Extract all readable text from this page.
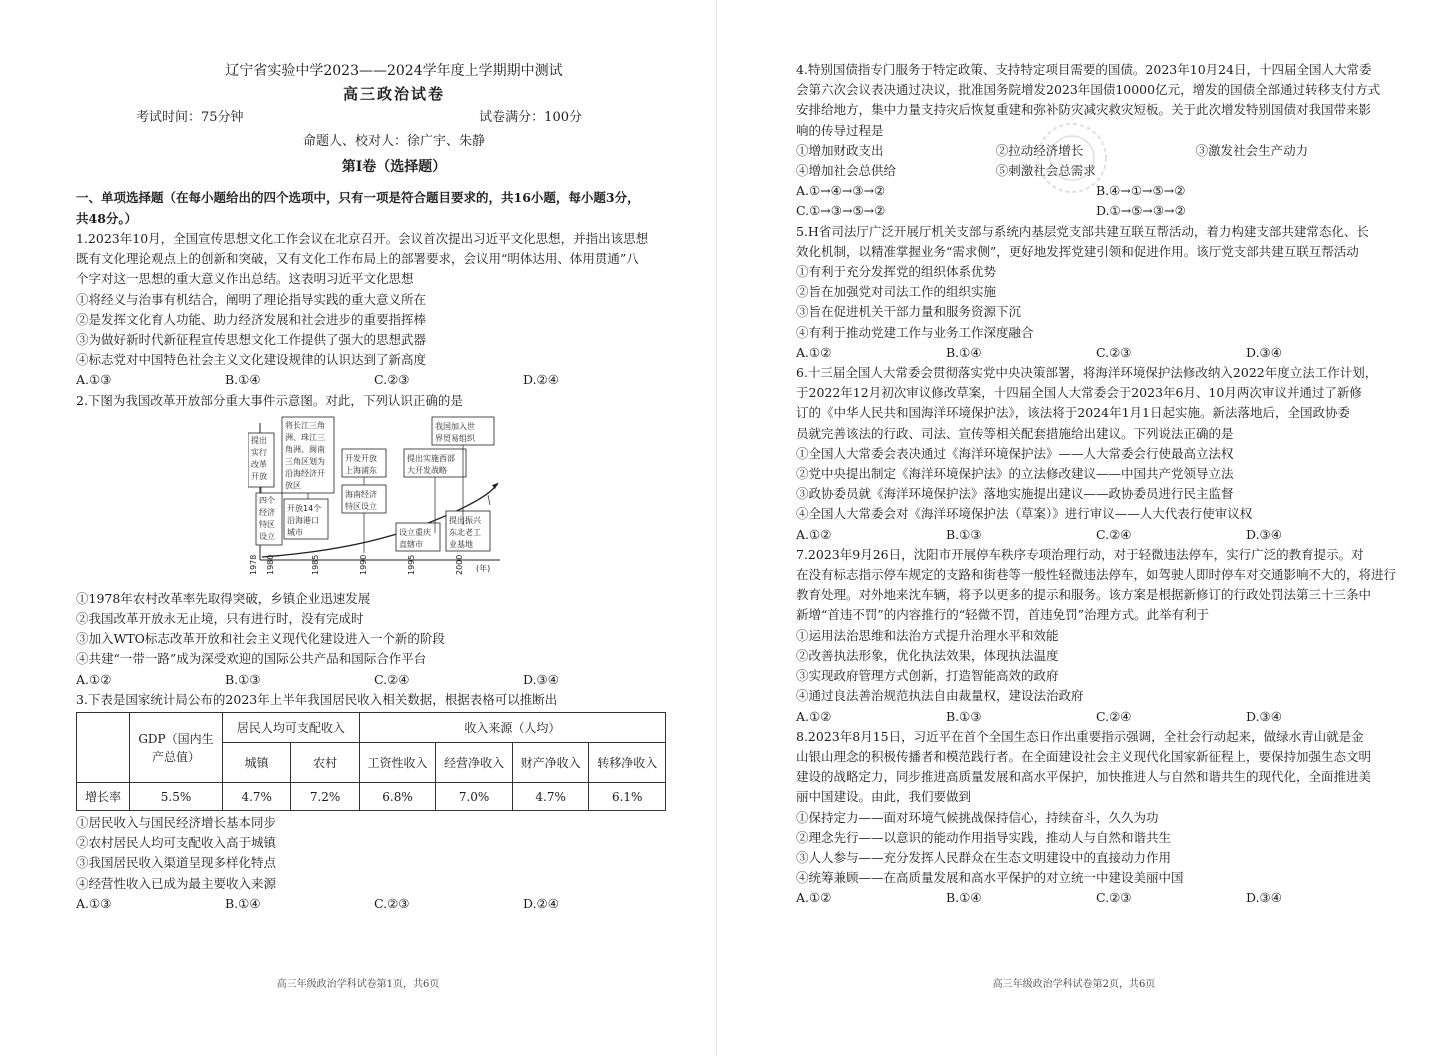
辽宁省实验中学2023——2024学年度上学期期中测试
高三政治试卷
考试时间：75分钟	试卷满分：100分
命题人、校对人：徐广宇、朱静
第Ⅰ卷（选择题）
一、单项选择题（在每小题给出的四个选项中，只有一项是符合题目要求的，共16小题，每小题3分，
共48分。）
1.2023年10月，全国宣传思想文化工作会议在北京召开。会议首次提出习近平文化思想，并指出该思想
既有文化理论观点上的创新和突破，又有文化工作布局上的部署要求，会议用“明体达用、体用贯通”八
个字对这一思想的重大意义作出总结。这表明习近平文化思想
①将经义与治事有机结合，阐明了理论指导实践的重大意义所在
②是发挥文化育人功能、助力经济发展和社会进步的重要指挥棒
③为做好新时代新征程宣传思想文化工作提供了强大的思想武器
④标志党对中国特色社会主义文化建设规律的认识达到了新高度
A.①③	B.①④	C.②③	D.②④
2.下图为我国改革开放部分重大事件示意图。对此，下列认识正确的是
1978 1980	1985	1990	1995	2000 (年)
提出
实行
改革
开放
四个
经济
特区
设立
将长江三角
洲、珠江三
角洲、闽南
三角区划为
沿海经济开
放区
开放14个
沿海港口
城市
开发开放
上海浦东
海南经济
特区设立
提出实施西部
大开发战略
设立重庆
直辖市
我国加入世
界贸易组织
提出振兴
东北老工
业基地
①1978年农村改革率先取得突破，乡镇企业迅速发展
②我国改革开放永无止境，只有进行时，没有完成时
③加入WTO标志改革开放和社会主义现代化建设进入一个新的阶段
④共建“一带一路”成为深受欢迎的国际公共产品和国际合作平台
A.①②	B.①③	C.②④	D.③④
3.下表是国家统计局公布的2023年上半年我国居民收入相关数据，根据表格可以推断出

	GDP（国内生
产总值）	居民人均可支配收入		收入来源（人均）			
		城镇	农村	工资性收入	经营净收入	财产净收入	转移净收入
增长率	5.5%	4.7%	7.2%	6.8%	7.0%	4.7%	6.1%
①居民收入与国民经济增长基本同步
②农村居民人均可支配收入高于城镇
③我国居民收入渠道呈现多样化特点
④经营性收入已成为最主要收入来源
A.①③	B.①④	C.②③	D.②④
高三年级政治学科试卷第1页，共6页
4.特别国债指专门服务于特定政策、支持特定项目需要的国债。2023年10月24日，十四届全国人大常委
会第六次会议表决通过决议，批准国务院增发2023年国债10000亿元，增发的国债全部通过转移支付方式
安排给地方，集中力量支持灾后恢复重建和弥补防灾减灾救灾短板。关于此次增发特别国债对我国带来影
响的传导过程是
①增加财政支出	②拉动经济增长	③激发社会生产动力
④增加社会总供给	⑤刺激社会总需求
A.①→④→③→②	B.④→①→⑤→②
C.①→③→⑤→②	D.①→⑤→③→②
5.H省司法厅广泛开展厅机关支部与系统内基层党支部共建互联互帮活动，着力构建支部共建常态化、长
效化机制，以精准掌握业务“需求侧”，更好地发挥党建引领和促进作用。该厅党支部共建互联互帮活动
①有利于充分发挥党的组织体系优势
②旨在加强党对司法工作的组织实施
③旨在促进机关干部力量和服务资源下沉
④有利于推动党建工作与业务工作深度融合
A.①②	B.①④	C.②③	D.③④
6.十三届全国人大常委会贯彻落实党中央决策部署，将海洋环境保护法修改纳入2022年度立法工作计划，
于2022年12月初次审议修改草案，十四届全国人大常委会于2023年6月、10月两次审议并通过了新修
订的《中华人民共和国海洋环境保护法》，该法将于2024年1月1日起实施。新法落地后，全国政协委
员就完善该法的行政、司法、宣传等相关配套措施给出建议。下列说法正确的是
①全国人大常委会表决通过《海洋环境保护法》——人大常委会行使最高立法权
②党中央提出制定《海洋环境保护法》的立法修改建议——中国共产党领导立法
③政协委员就《海洋环境保护法》落地实施提出建议——政协委员进行民主监督
④全国人大常委会对《海洋环境保护法（草案）》进行审议——人大代表行使审议权
A.①②	B.①③	C.②④	D.③④
7.2023年9月26日，沈阳市开展停车秩序专项治理行动，对于轻微违法停车，实行广泛的教育提示。对
在没有标志指示停车规定的支路和街巷等一般性轻微违法停车，如驾驶人即时停车对交通影响不大的，将进行
教育处理。对外地来沈车辆，将予以更多的提示和服务。该方案是根据新修订的行政处罚法第三十三条中
新增“首违不罚”的内容推行的“轻微不罚，首违免罚”治理方式。此举有利于
①运用法治思维和法治方式提升治理水平和效能
②改善执法形象，优化执法效果，体现执法温度
③实现政府管理方式创新，打造智能高效的政府
④通过良法善治规范执法自由裁量权，建设法治政府
A.①②	B.①③	C.②④	D.③④
8.2023年8月15日，习近平在首个全国生态日作出重要指示强调，全社会行动起来，做绿水青山就是金
山银山理念的积极传播者和模范践行者。在全面建设社会主义现代化国家新征程上，要保持加强生态文明
建设的战略定力，同步推进高质量发展和高水平保护，加快推进人与自然和谐共生的现代化，全面推进美
丽中国建设。由此，我们要做到
①保持定力——面对环境气候挑战保持信心，持续奋斗，久久为功
②理念先行——以意识的能动作用指导实践，推动人与自然和谐共生
③人人参与——充分发挥人民群众在生态文明建设中的直接动力作用
④统筹兼顾——在高质量发展和高水平保护的对立统一中建设美丽中国
A.①②	B.①④	C.②③	D.③④
高三年级政治学科试卷第2页，共6页
